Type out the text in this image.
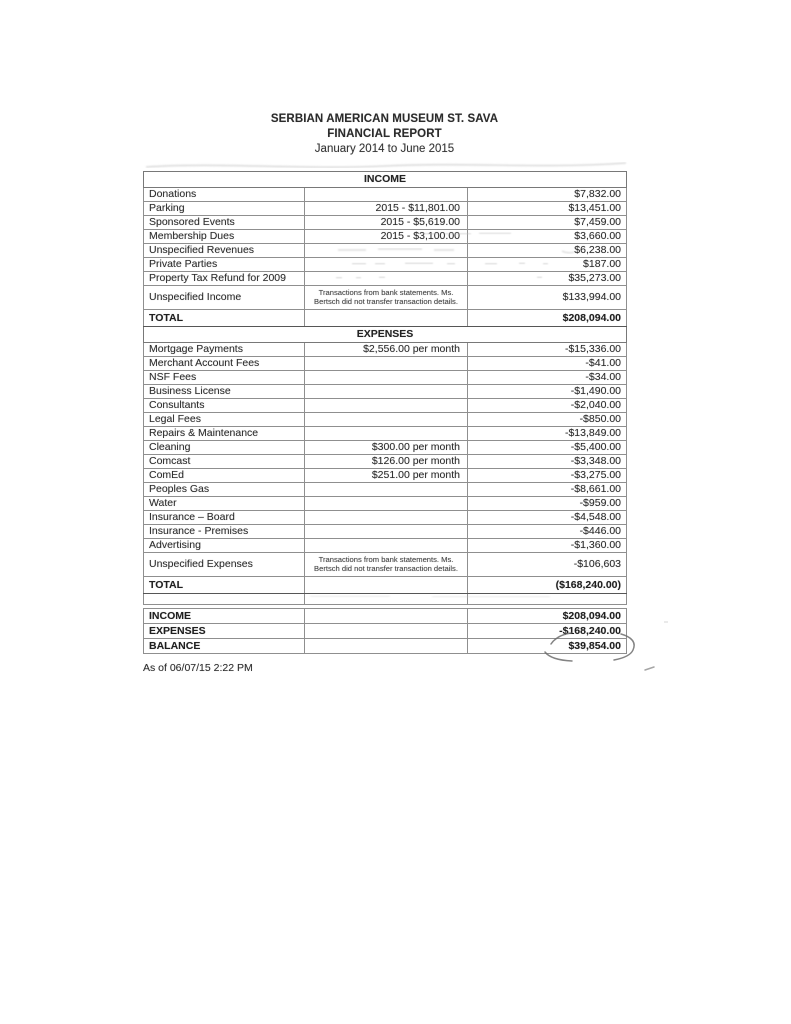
SERBIAN AMERICAN MUSEUM ST. SAVA
FINANCIAL REPORT
January 2014 to June 2015
INCOME		
Donations		$7,832.00
Parking	2015 - $11,801.00	$13,451.00
Sponsored Events	2015 - $5,619.00	$7,459.00
Membership Dues	2015 - $3,100.00	$3,660.00
Unspecified Revenues		$6,238.00
Private Parties		$187.00
Property Tax Refund for 2009		$35,273.00
Unspecified Income	Transactions from bank statements. Ms. Bertsch did not transfer transaction details.	$133,994.00
TOTAL		$208,094.00
EXPENSES		
Mortgage Payments	$2,556.00 per month	-$15,336.00
Merchant Account Fees		-$41.00
NSF Fees		-$34.00
Business License		-$1,490.00
Consultants		-$2,040.00
Legal Fees		-$850.00
Repairs & Maintenance		-$13,849.00
Cleaning	$300.00 per month	-$5,400.00
Comcast	$126.00 per month	-$3,348.00
ComEd	$251.00 per month	-$3,275.00
Peoples Gas		-$8,661.00
Water		-$959.00
Insurance – Board		-$4,548.00
Insurance - Premises		-$446.00
Advertising		-$1,360.00
Unspecified Expenses	Transactions from bank statements. Ms. Bertsch did not transfer transaction details.	-$106,603
TOTAL		($168,240.00)

INCOME		$208,094.00
EXPENSES		-$168,240.00
BALANCE		$39,854.00
As of 06/07/15 2:22 PM
